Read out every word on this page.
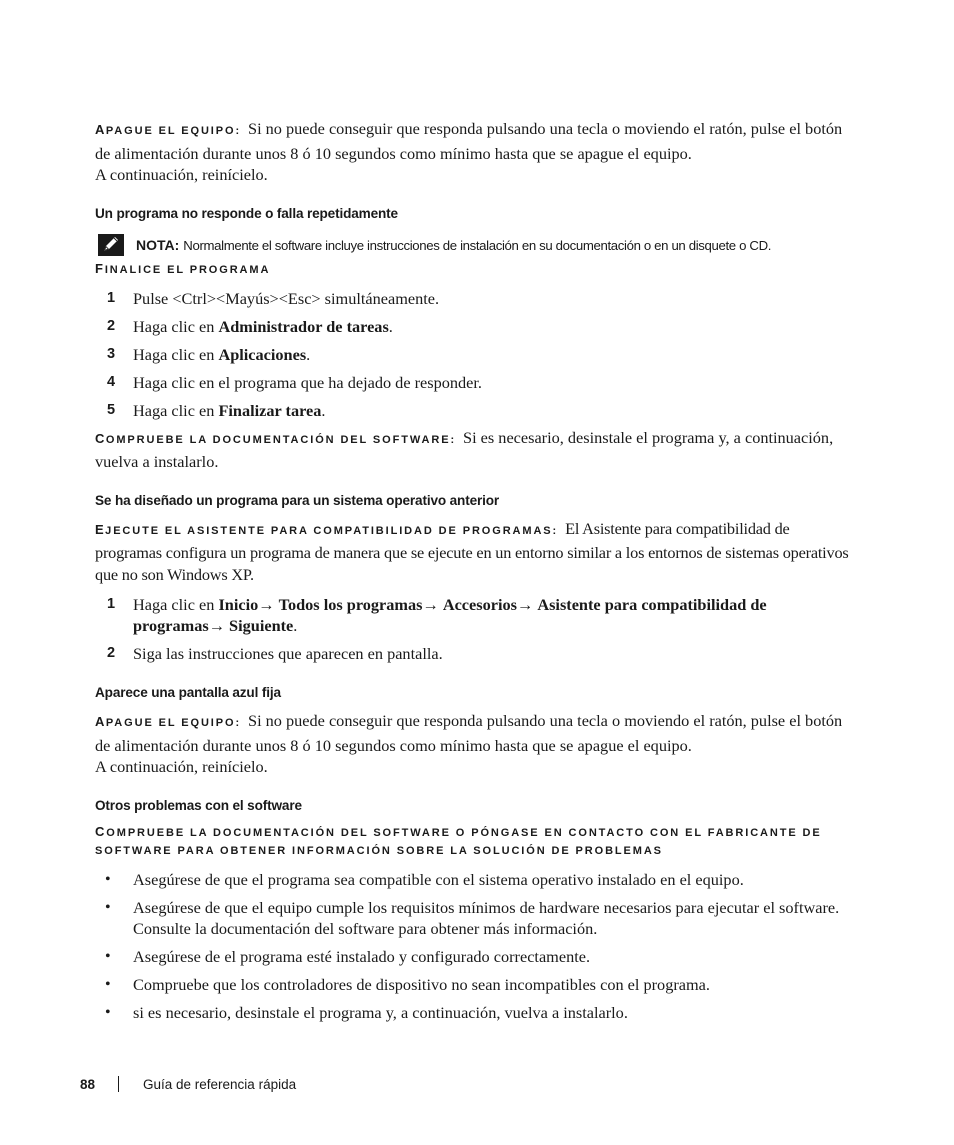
APAGUE EL EQUIPO: Si no puede conseguir que responda pulsando una tecla o moviendo el ratón, pulse el botón de alimentación durante unos 8 ó 10 segundos como mínimo hasta que se apague el equipo.
A continuación, reinícielo.

Un programa no responde o falla repetidamente
NOTA: Normalmente el software incluye instrucciones de instalación en su documentación o en un disquete o CD.

FINALICE EL PROGRAMA

1 Pulse <Ctrl><Mayús><Esc> simultáneamente.
2 Haga clic en Administrador de tareas.
3 Haga clic en Aplicaciones.
4 Haga clic en el programa que ha dejado de responder.
5 Haga clic en Finalizar tarea.

COMPRUEBE LA DOCUMENTACIÓN DEL SOFTWARE: Si es necesario, desinstale el programa y, a continuación, vuelva a instalarlo.

Se ha diseñado un programa para un sistema operativo anterior

EJECUTE EL ASISTENTE PARA COMPATIBILIDAD DE PROGRAMAS: El Asistente para compatibilidad de programas configura un programa de manera que se ejecute en un entorno similar a los entornos de sistemas operativos que no son Windows XP.

1 Haga clic en Inicio→ Todos los programas→ Accesorios→ Asistente para compatibilidad de programas→ Siguiente.
2 Siga las instrucciones que aparecen en pantalla.
Aparece una pantalla azul fija

APAGUE EL EQUIPO: Si no puede conseguir que responda pulsando una tecla o moviendo el ratón, pulse el botón de alimentación durante unos 8 ó 10 segundos como mínimo hasta que se apague el equipo.
A continuación, reinícielo.

Otros problemas con el software

COMPRUEBE LA DOCUMENTACIÓN DEL SOFTWARE O PÓNGASE EN CONTACTO CON EL FABRICANTE DE SOFTWARE PARA OBTENER INFORMACIÓN SOBRE LA SOLUCIÓN DE PROBLEMAS

• Asegúrese de que el programa sea compatible con el sistema operativo instalado en el equipo.
• Asegúrese de que el equipo cumple los requisitos mínimos de hardware necesarios para ejecutar el software. Consulte la documentación del software para obtener más información.
• Asegúrese de el programa esté instalado y configurado correctamente.
• Compruebe que los controladores de dispositivo no sean incompatibles con el programa.
• si es necesario, desinstale el programa y, a continuación, vuelva a instalarlo.
88	Guía de referencia rápida
